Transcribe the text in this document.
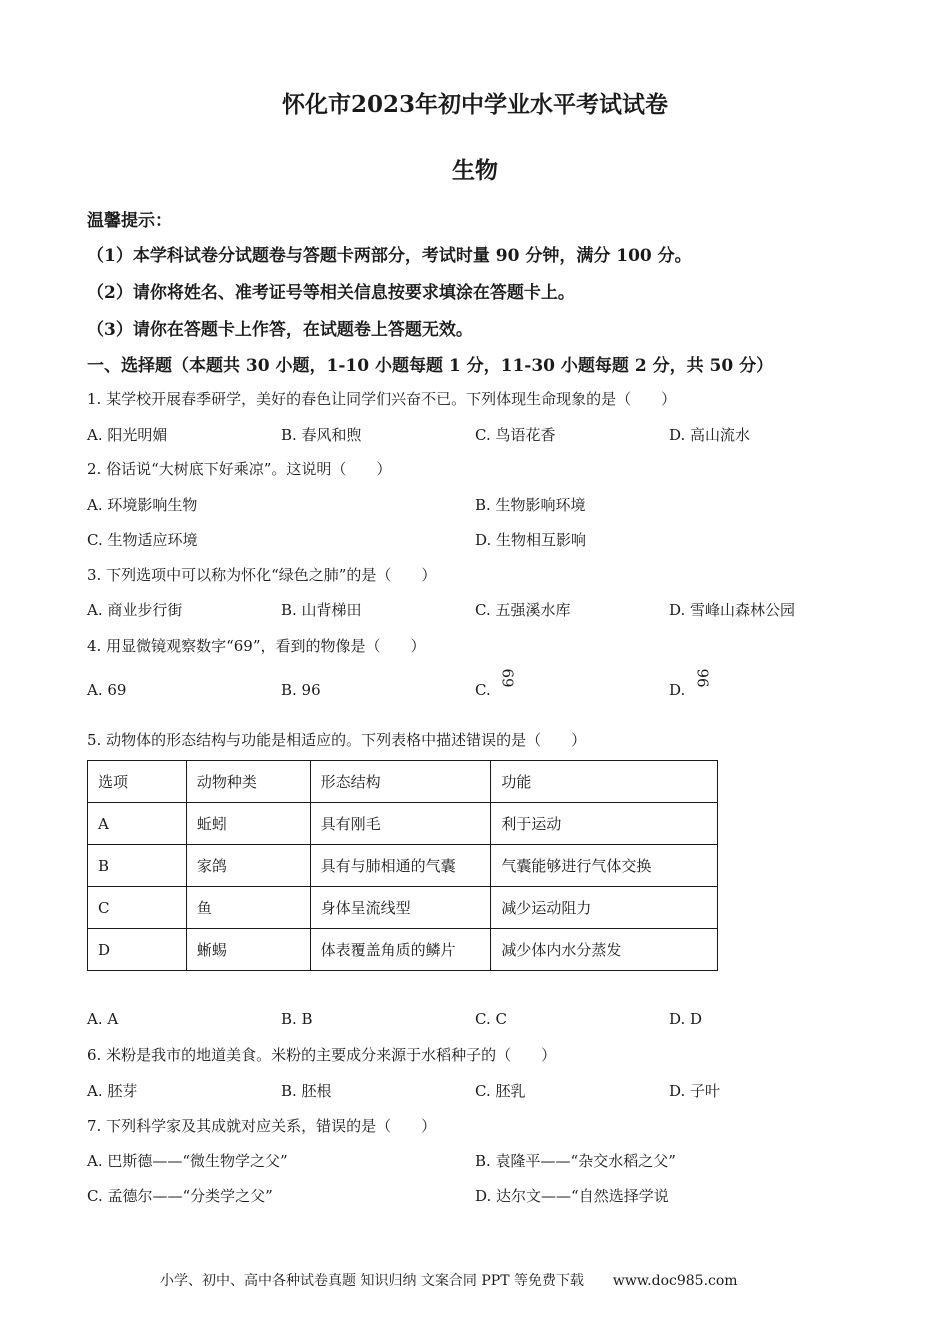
怀化市2023年初中学业水平考试试卷
生物
温馨提示：
（1）本学科试卷分试题卷与答题卡两部分，考试时量 90 分钟，满分 100 分。
（2）请你将姓名、准考证号等相关信息按要求填涂在答题卡上。
（3）请你在答题卡上作答，在试题卷上答题无效。
一、选择题（本题共 30 小题，1-10 小题每题 1 分，11-30 小题每题 2 分，共 50 分）
1. 某学校开展春季研学，美好的春色让同学们兴奋不已。下列体现生命现象的是（　　）
A. 阳光明媚	B. 春风和煦	C. 鸟语花香	D. 高山流水
2. 俗话说“大树底下好乘凉”。这说明（　　）
A. 环境影响生物	B. 生物影响环境
C. 生物适应环境	D. 生物相互影响
3. 下列选项中可以称为怀化“绿色之肺”的是（　　）
A. 商业步行街	B. 山背梯田	C. 五强溪水库	D. 雪峰山森林公园
4. 用显微镜观察数字“69”，看到的物像是（　　）
A. 69	B. 96	C.
69
D.
96
5. 动物体的形态结构与功能是相适应的。下列表格中描述错误的是（　　）
选项	动物种类	形态结构	功能
A	蚯蚓	具有刚毛	利于运动
B	家鸽	具有与肺相通的气囊	气囊能够进行气体交换
C	鱼	身体呈流线型	减少运动阻力
D	蜥蜴	体表覆盖角质的鳞片	减少体内水分蒸发
A. A	B. B	C. C	D. D
6. 米粉是我市的地道美食。米粉的主要成分来源于水稻种子的（　　）
A. 胚芽	B. 胚根	C. 胚乳	D. 子叶
7. 下列科学家及其成就对应关系，错误的是（　　）
A. 巴斯德——“微生物学之父”	B. 袁隆平——“杂交水稻之父”
C. 孟德尔——“分类学之父”	D. 达尔文——“自然选择学说
小学、初中、高中各种试卷真题 知识归纳 文案合同 PPT 等免费下载 www.doc985.com
